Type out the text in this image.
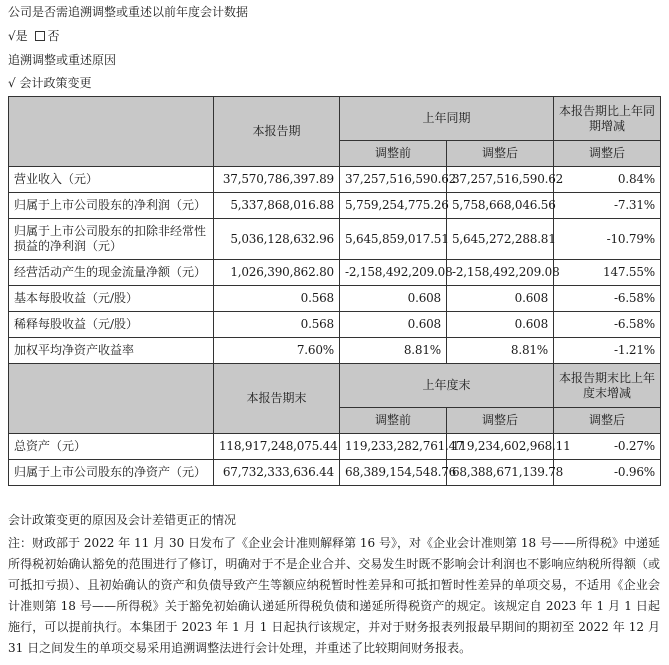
公司是否需追溯调整或重述以前年度会计数据
√是 否
追溯调整或重述原因
√ 会计政策变更
	本报告期	上年同期		本报告期比上年同期增减
		调整前	调整后	调整后
营业收入（元）	37,570,786,397.89	37,257,516,590.62	37,257,516,590.62	0.84%
归属于上市公司股东的净利润（元）	5,337,868,016.88	5,759,254,775.26	5,758,668,046.56	-7.31%
归属于上市公司股东的扣除非经常性损益的净利润（元）	5,036,128,632.96	5,645,859,017.51	5,645,272,288.81	-10.79%
经营活动产生的现金流量净额（元）	1,026,390,862.80	-2,158,492,209.08	-2,158,492,209.08	147.55%
基本每股收益（元/股）	0.568	0.608	0.608	-6.58%
稀释每股收益（元/股）	0.568	0.608	0.608	-6.58%
加权平均净资产收益率	7.60%	8.81%	8.81%	-1.21%
	本报告期末	上年度末		本报告期末比上年度末增减
		调整前	调整后	调整后
总资产（元）	118,917,248,075.44	119,233,282,761.47	119,234,602,968.11	-0.27%
归属于上市公司股东的净资产（元）	67,732,333,636.44	68,389,154,548.76	68,388,671,139.78	-0.96%
会计政策变更的原因及会计差错更正的情况
注：财政部于 2022 年 11 月 30 日发布了《企业会计准则解释第 16 号》，对《企业会计准则第 18 号——所得税》中递延所得税初始确认豁免的范围进行了修订，明确对于不是企业合并、交易发生时既不影响会计利润也不影响应纳税所得额（或可抵扣亏损）、且初始确认的资产和负债导致产生等额应纳税暂时性差异和可抵扣暂时性差异的单项交易，不适用《企业会计准则第 18 号——所得税》关于豁免初始确认递延所得税负债和递延所得税资产的规定。该规定自 2023 年 1 月 1 日起施行，可以提前执行。本集团于 2023 年 1 月 1 日起执行该规定，并对于财务报表列报最早期间的期初至 2022 年 12 月 31 日之间发生的单项交易采用追溯调整法进行会计处理，并重述了比较期间财务报表。
